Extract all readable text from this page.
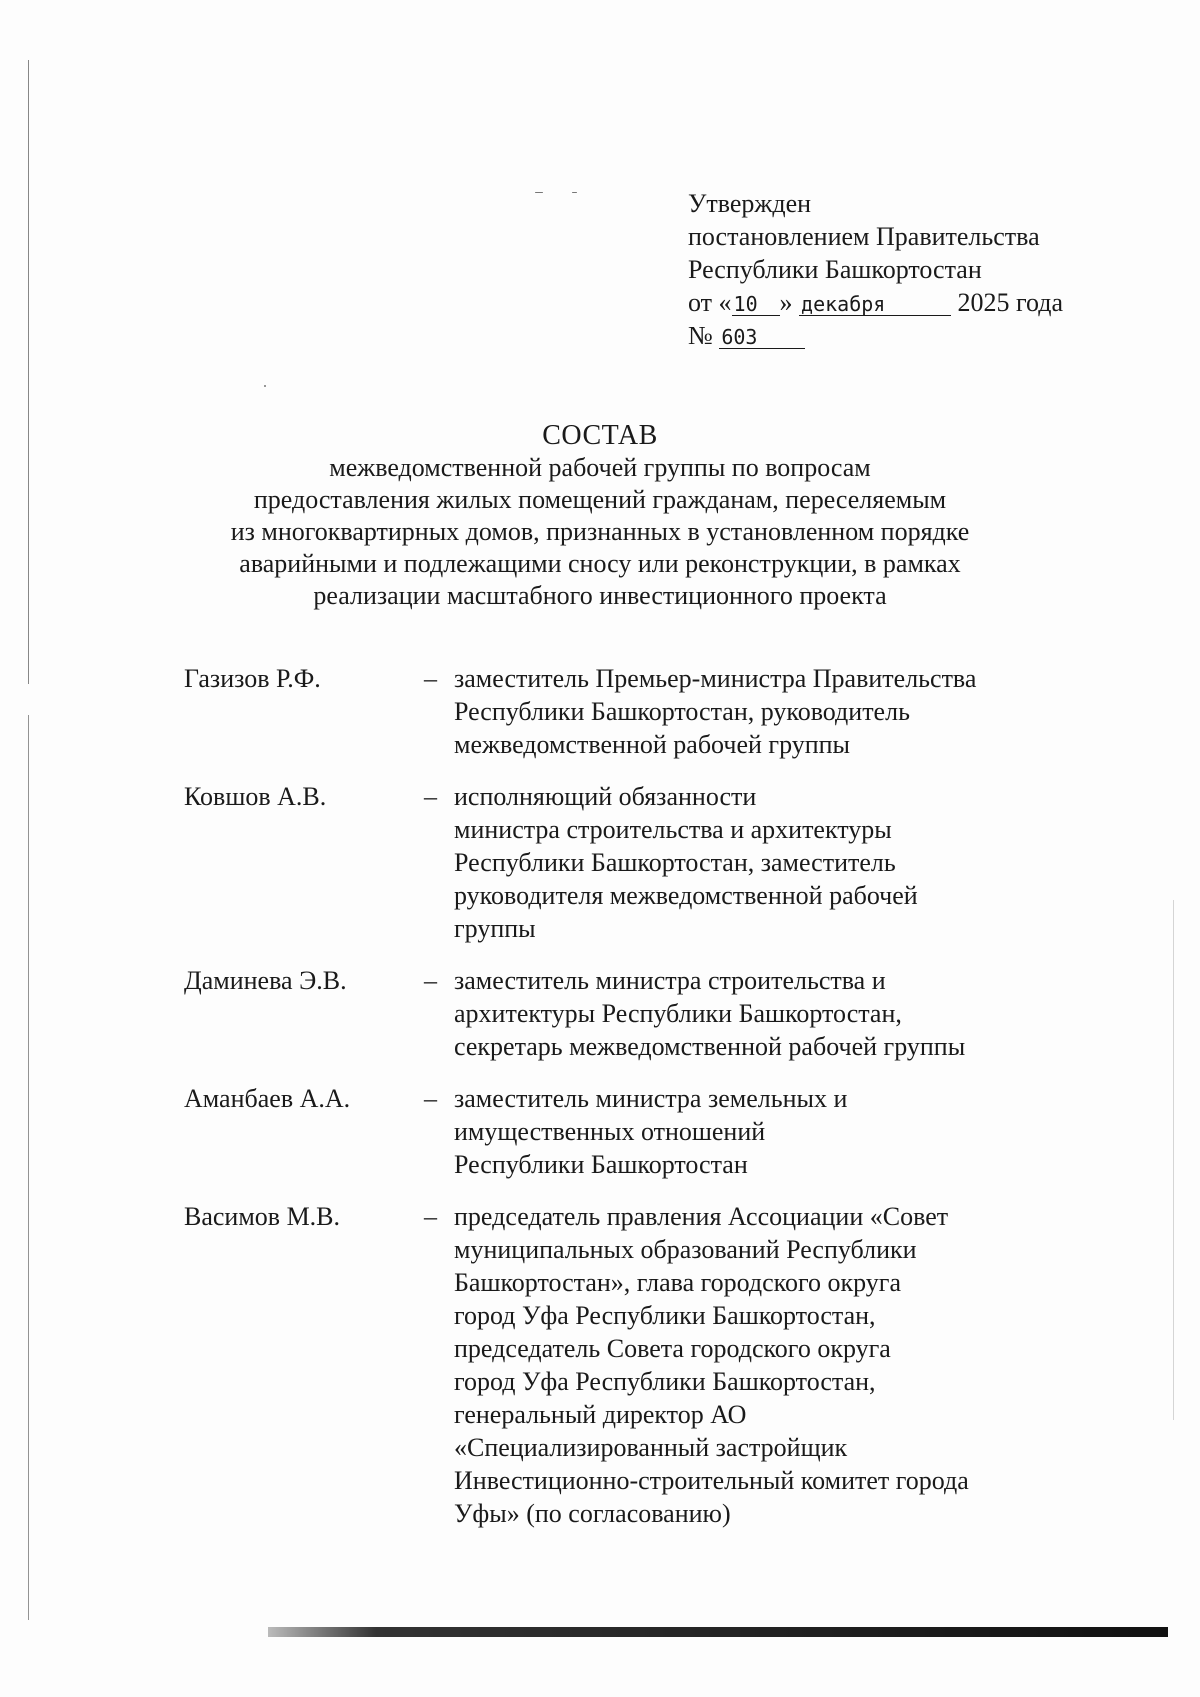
Утвержден
постановлением Правительства
Республики Башкортостан
от « 10 » декабря	2025 года
№ 603
СОСТАВ
межведомственной рабочей группы по вопросам
предоставления жилых помещений гражданам, переселяемым
из многоквартирных домов, признанных в установленном порядке
аварийными и подлежащими сносу или реконструкции, в рамках
реализации масштабного инвестиционного проекта
Газизов Р.Ф.	– заместитель Премьер-министра Правительства
Республики Башкортостан, руководитель
межведомственной рабочей группы
Ковшов А.В.	– исполняющий обязанности
министра строительства и архитектуры
Республики Башкортостан, заместитель
руководителя межведомственной рабочей
группы
Даминева Э.В.	– заместитель министра строительства и
архитектуры Республики Башкортостан,
секретарь межведомственной рабочей группы
Аманбаев А.А.	– заместитель министра земельных и
имущественных отношений
Республики Башкортостан
Васимов М.В.	– председатель правления Ассоциации «Совет
муниципальных образований Республики
Башкортостан», глава городского округа
город Уфа Республики Башкортостан,
председатель Совета городского округа
город Уфа Республики Башкортостан,
генеральный директор АО
«Специализированный застройщик
Инвестиционно-строительный комитет города
Уфы» (по согласованию)
